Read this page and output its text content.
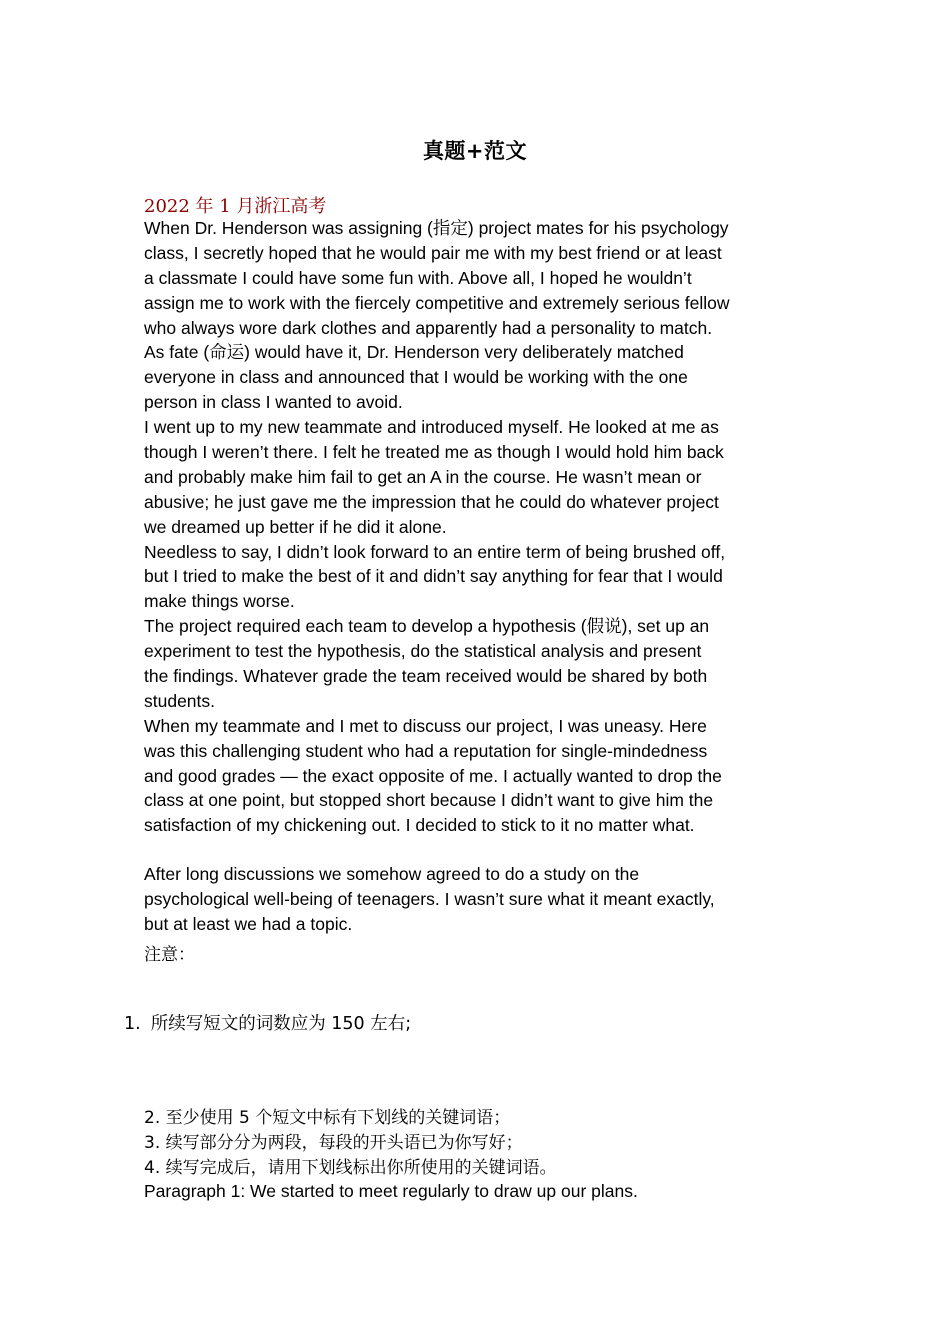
真题+范文
2022 年 1 月浙江高考
When Dr. Henderson was assigning (指定) project mates for his psychology
class, I secretly hoped that he would pair me with my best friend or at least
a classmate I could have some fun with. Above all, I hoped he wouldn’t
assign me to work with the fiercely competitive and extremely serious fellow
who always wore dark clothes and apparently had a personality to match.
As fate (命运) would have it, Dr. Henderson very deliberately matched
everyone in class and announced that I would be working with the one
person in class I wanted to avoid.
I went up to my new teammate and introduced myself. He looked at me as
though I weren’t there. I felt he treated me as though I would hold him back
and probably make him fail to get an A in the course. He wasn’t mean or
abusive; he just gave me the impression that he could do whatever project
we dreamed up better if he did it alone.
Needless to say, I didn’t look forward to an entire term of being brushed off,
but I tried to make the best of it and didn’t say anything for fear that I would
make things worse.
The project required each team to develop a hypothesis (假说), set up an
experiment to test the hypothesis, do the statistical analysis and present
the findings. Whatever grade the team received would be shared by both
students.
When my teammate and I met to discuss our project, I was uneasy. Here
was this challenging student who had a reputation for single-mindedness
and good grades — the exact opposite of me. I actually wanted to drop the
class at one point, but stopped short because I didn’t want to give him the
satisfaction of my chickening out. I decided to stick to it no matter what.
After long discussions we somehow agreed to do a study on the
psychological well-being of teenagers. I wasn’t sure what it meant exactly,
but at least we had a topic.
注意：
1. 所续写短文的词数应为 150 左右;
2. 至少使用 5 个短文中标有下划线的关键词语；
3. 续写部分分为两段，每段的开头语已为你写好；
4. 续写完成后，请用下划线标出你所使用的关键词语。
Paragraph 1: We started to meet regularly to draw up our plans.
